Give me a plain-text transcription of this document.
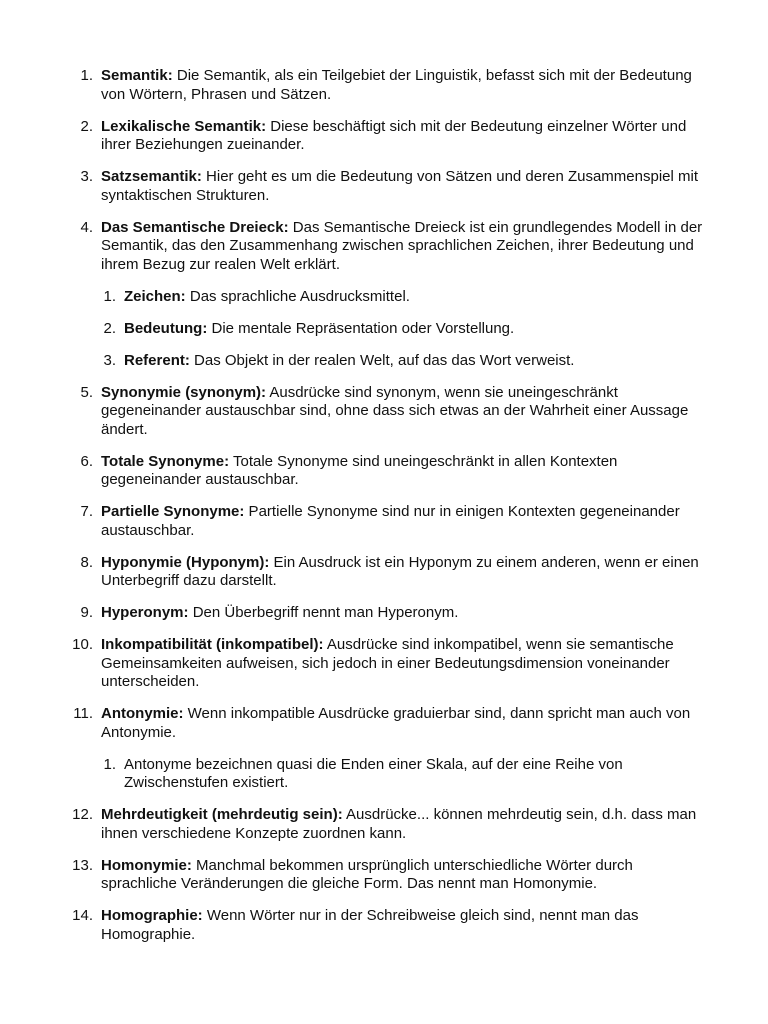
1. Semantik: Die Semantik, als ein Teilgebiet der Linguistik, befasst sich mit der Bedeutung von Wörtern, Phrasen und Sätzen.
2. Lexikalische Semantik: Diese beschäftigt sich mit der Bedeutung einzelner Wörter und ihrer Beziehungen zueinander.
3. Satzsemantik: Hier geht es um die Bedeutung von Sätzen und deren Zusammenspiel mit syntaktischen Strukturen.
4. Das Semantische Dreieck: Das Semantische Dreieck ist ein grundlegendes Modell in der Semantik, das den Zusammenhang zwischen sprachlichen Zeichen, ihrer Bedeutung und ihrem Bezug zur realen Welt erklärt.
1. Zeichen: Das sprachliche Ausdrucksmittel.
2. Bedeutung: Die mentale Repräsentation oder Vorstellung.
3. Referent: Das Objekt in der realen Welt, auf das das Wort verweist.
5. Synonymie (synonym): Ausdrücke sind synonym, wenn sie uneingeschränkt gegeneinander austauschbar sind, ohne dass sich etwas an der Wahrheit einer Aussage ändert.
6. Totale Synonyme: Totale Synonyme sind uneingeschränkt in allen Kontexten gegeneinander austauschbar.
7. Partielle Synonyme: Partielle Synonyme sind nur in einigen Kontexten gegeneinander austauschbar.
8. Hyponymie (Hyponym): Ein Ausdruck ist ein Hyponym zu einem anderen, wenn er einen Unterbegriff dazu darstellt.
9. Hyperonym: Den Überbegriff nennt man Hyperonym.
10. Inkompatibilität (inkompatibel): Ausdrücke sind inkompatibel, wenn sie semantische Gemeinsamkeiten aufweisen, sich jedoch in einer Bedeutungsdimension voneinander unterscheiden.
11. Antonymie: Wenn inkompatible Ausdrücke graduierbar sind, dann spricht man auch von Antonymie.
1. Antonyme bezeichnen quasi die Enden einer Skala, auf der eine Reihe von Zwischenstufen existiert.
12. Mehrdeutigkeit (mehrdeutig sein): Ausdrücke... können mehrdeutig sein, d.h. dass man ihnen verschiedene Konzepte zuordnen kann.
13. Homonymie: Manchmal bekommen ursprünglich unterschiedliche Wörter durch sprachliche Veränderungen die gleiche Form. Das nennt man Homonymie.
14. Homographie: Wenn Wörter nur in der Schreibweise gleich sind, nennt man das Homographie.
